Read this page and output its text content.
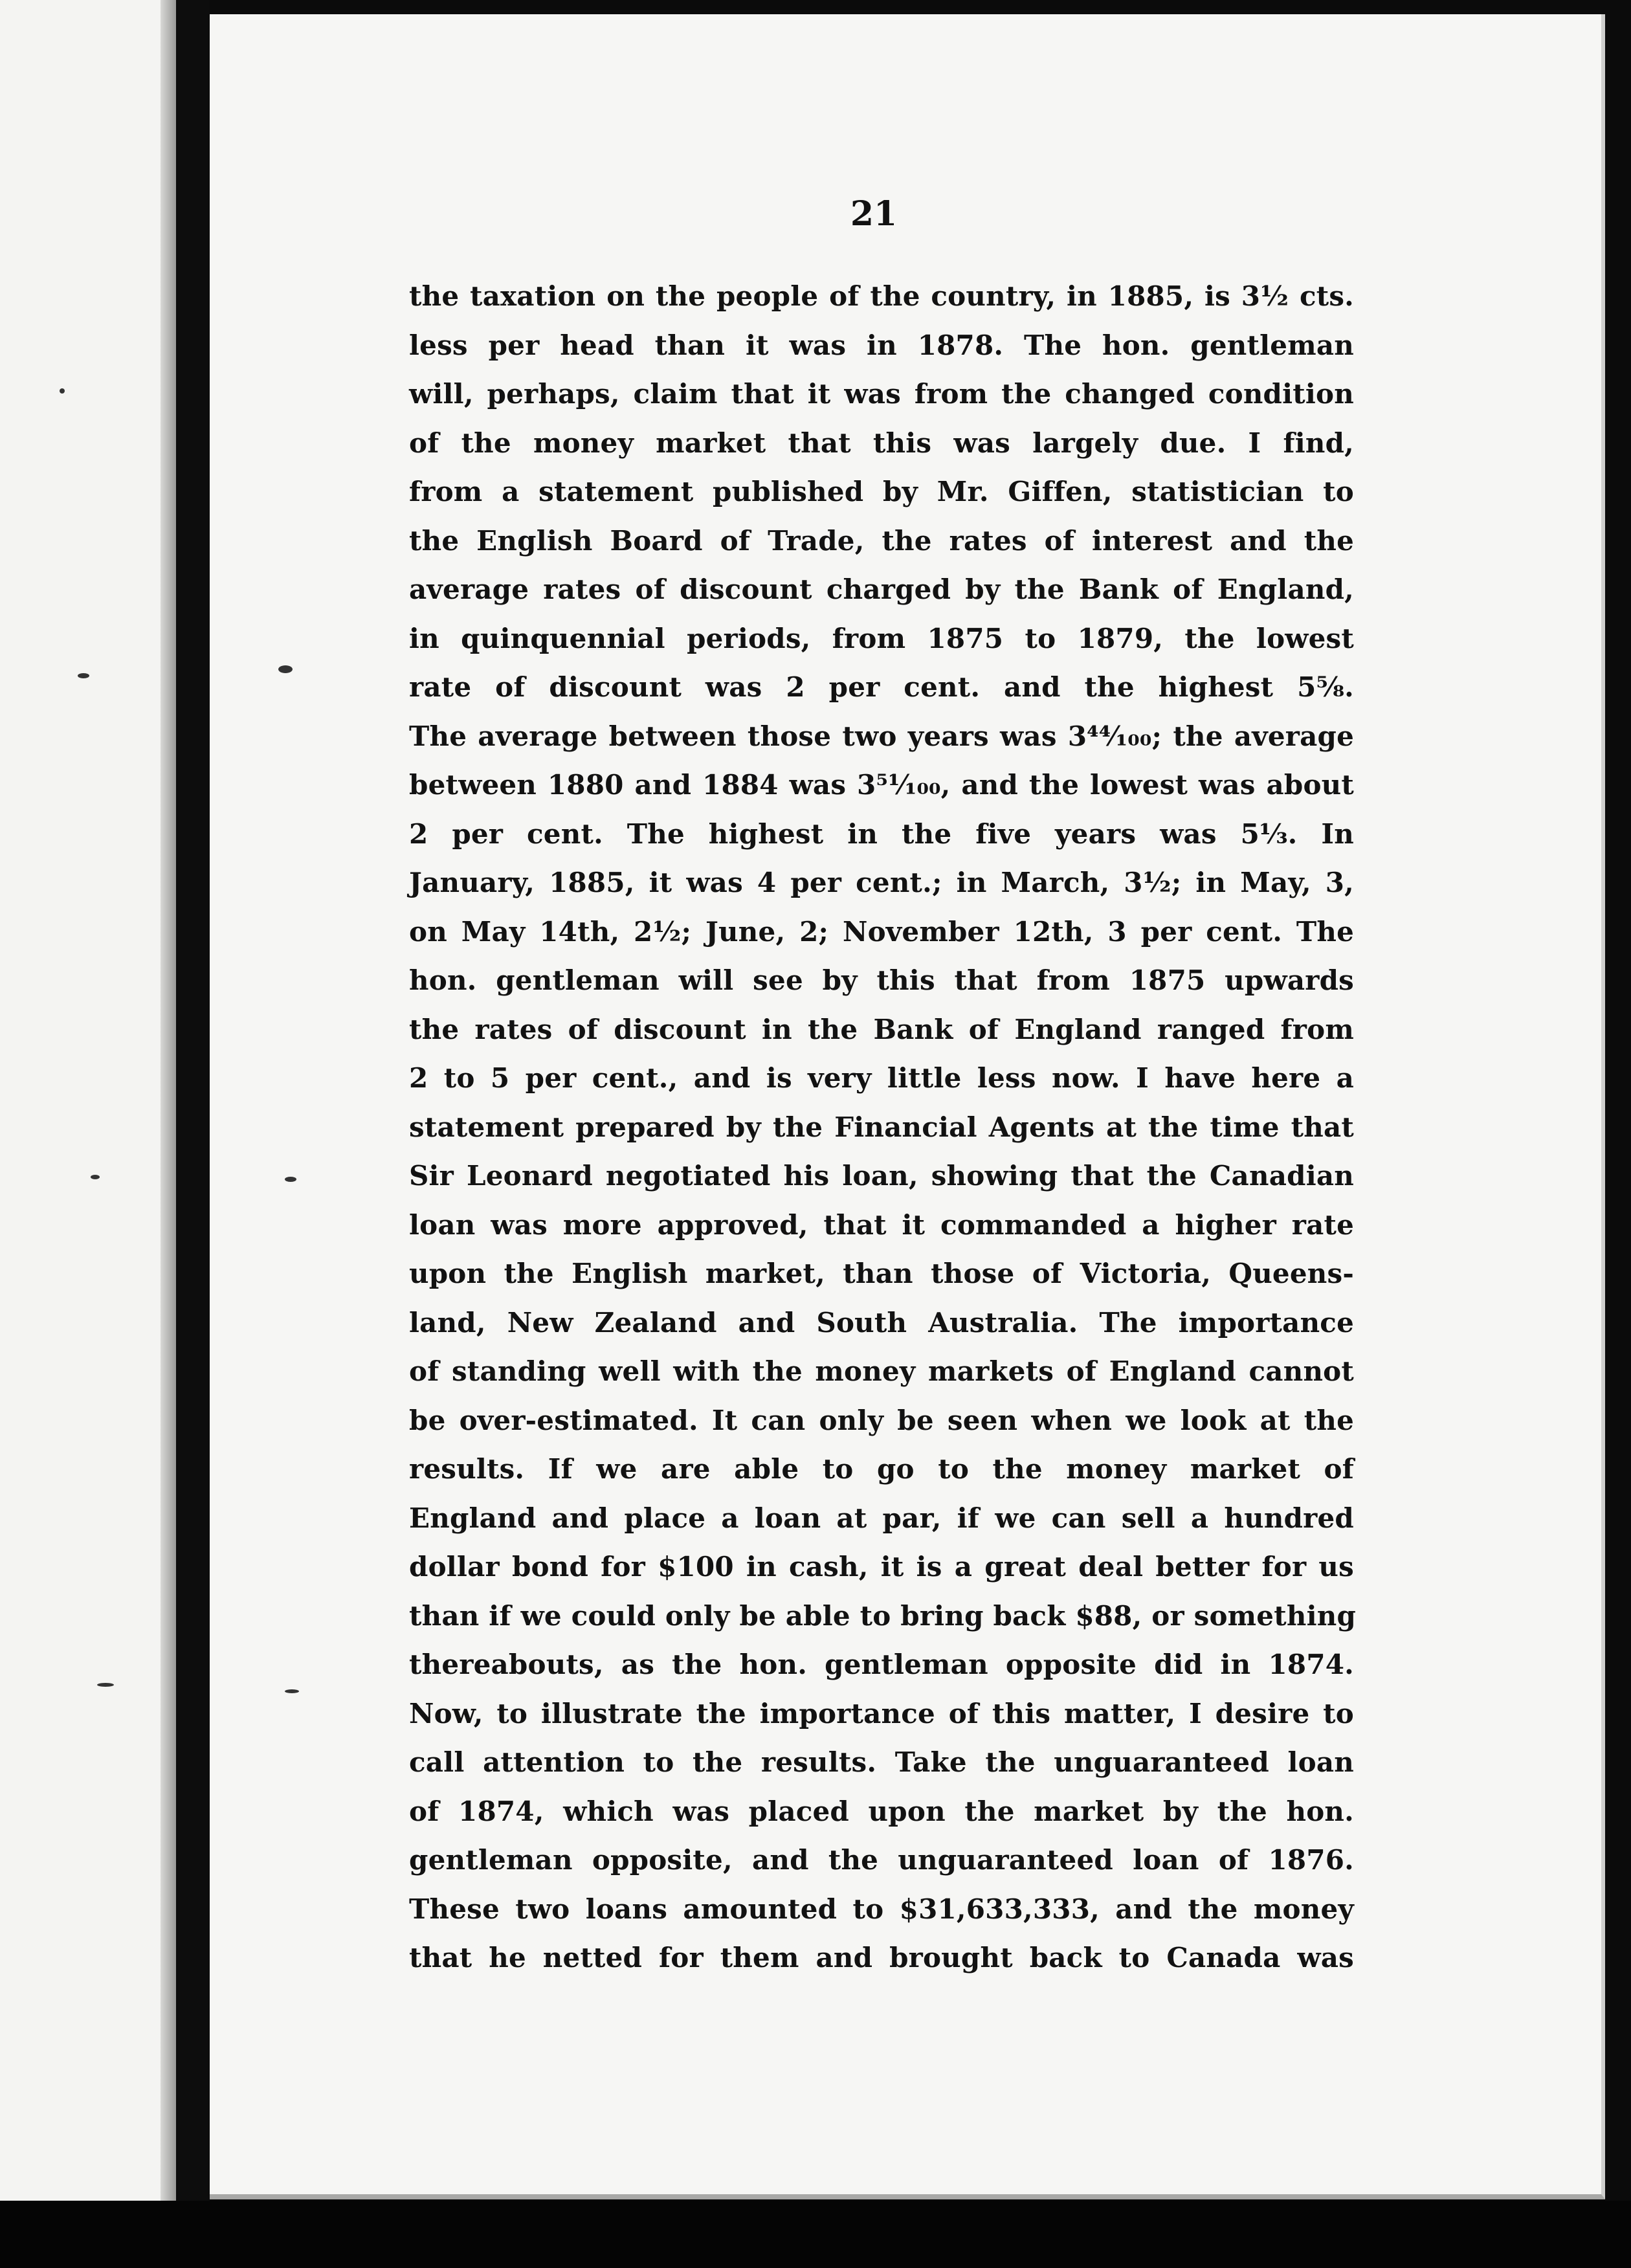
21
the taxation on the people of the country, in 1885, is 3½ cts.
less per head than it was in 1878. The hon. gentleman
will, perhaps, claim that it was from the changed condition
of the money market that this was largely due. I find,
from a statement published by Mr. Giffen, statistician to
the English Board of Trade, the rates of interest and the
average rates of discount charged by the Bank of England,
in quinquennial periods, from 1875 to 1879, the lowest
rate of discount was 2 per cent. and the highest 5⅝.
The average between those two years was 3⁴⁴⁄₁₀₀; the average
between 1880 and 1884 was 3⁵¹⁄₁₀₀, and the lowest was about
2 per cent. The highest in the five years was 5⅓. In
January, 1885, it was 4 per cent.; in March, 3½; in May, 3,
on May 14th, 2½; June, 2; November 12th, 3 per cent. The
hon. gentleman will see by this that from 1875 upwards
the rates of discount in the Bank of England ranged from
2 to 5 per cent., and is very little less now. I have here a
statement prepared by the Financial Agents at the time that
Sir Leonard negotiated his loan, showing that the Canadian
loan was more approved, that it commanded a higher rate
upon the English market, than those of Victoria, Queens-
land, New Zealand and South Australia. The importance
of standing well with the money markets of England cannot
be over-estimated. It can only be seen when we look at the
results. If we are able to go to the money market of
England and place a loan at par, if we can sell a hundred
dollar bond for $100 in cash, it is a great deal better for us
than if we could only be able to bring back $88, or something
thereabouts, as the hon. gentleman opposite did in 1874.
Now, to illustrate the importance of this matter, I desire to
call attention to the results. Take the unguaranteed loan
of 1874, which was placed upon the market by the hon.
gentleman opposite, and the unguaranteed loan of 1876.
These two loans amounted to $31,633,333, and the money
that he netted for them and brought back to Canada was
